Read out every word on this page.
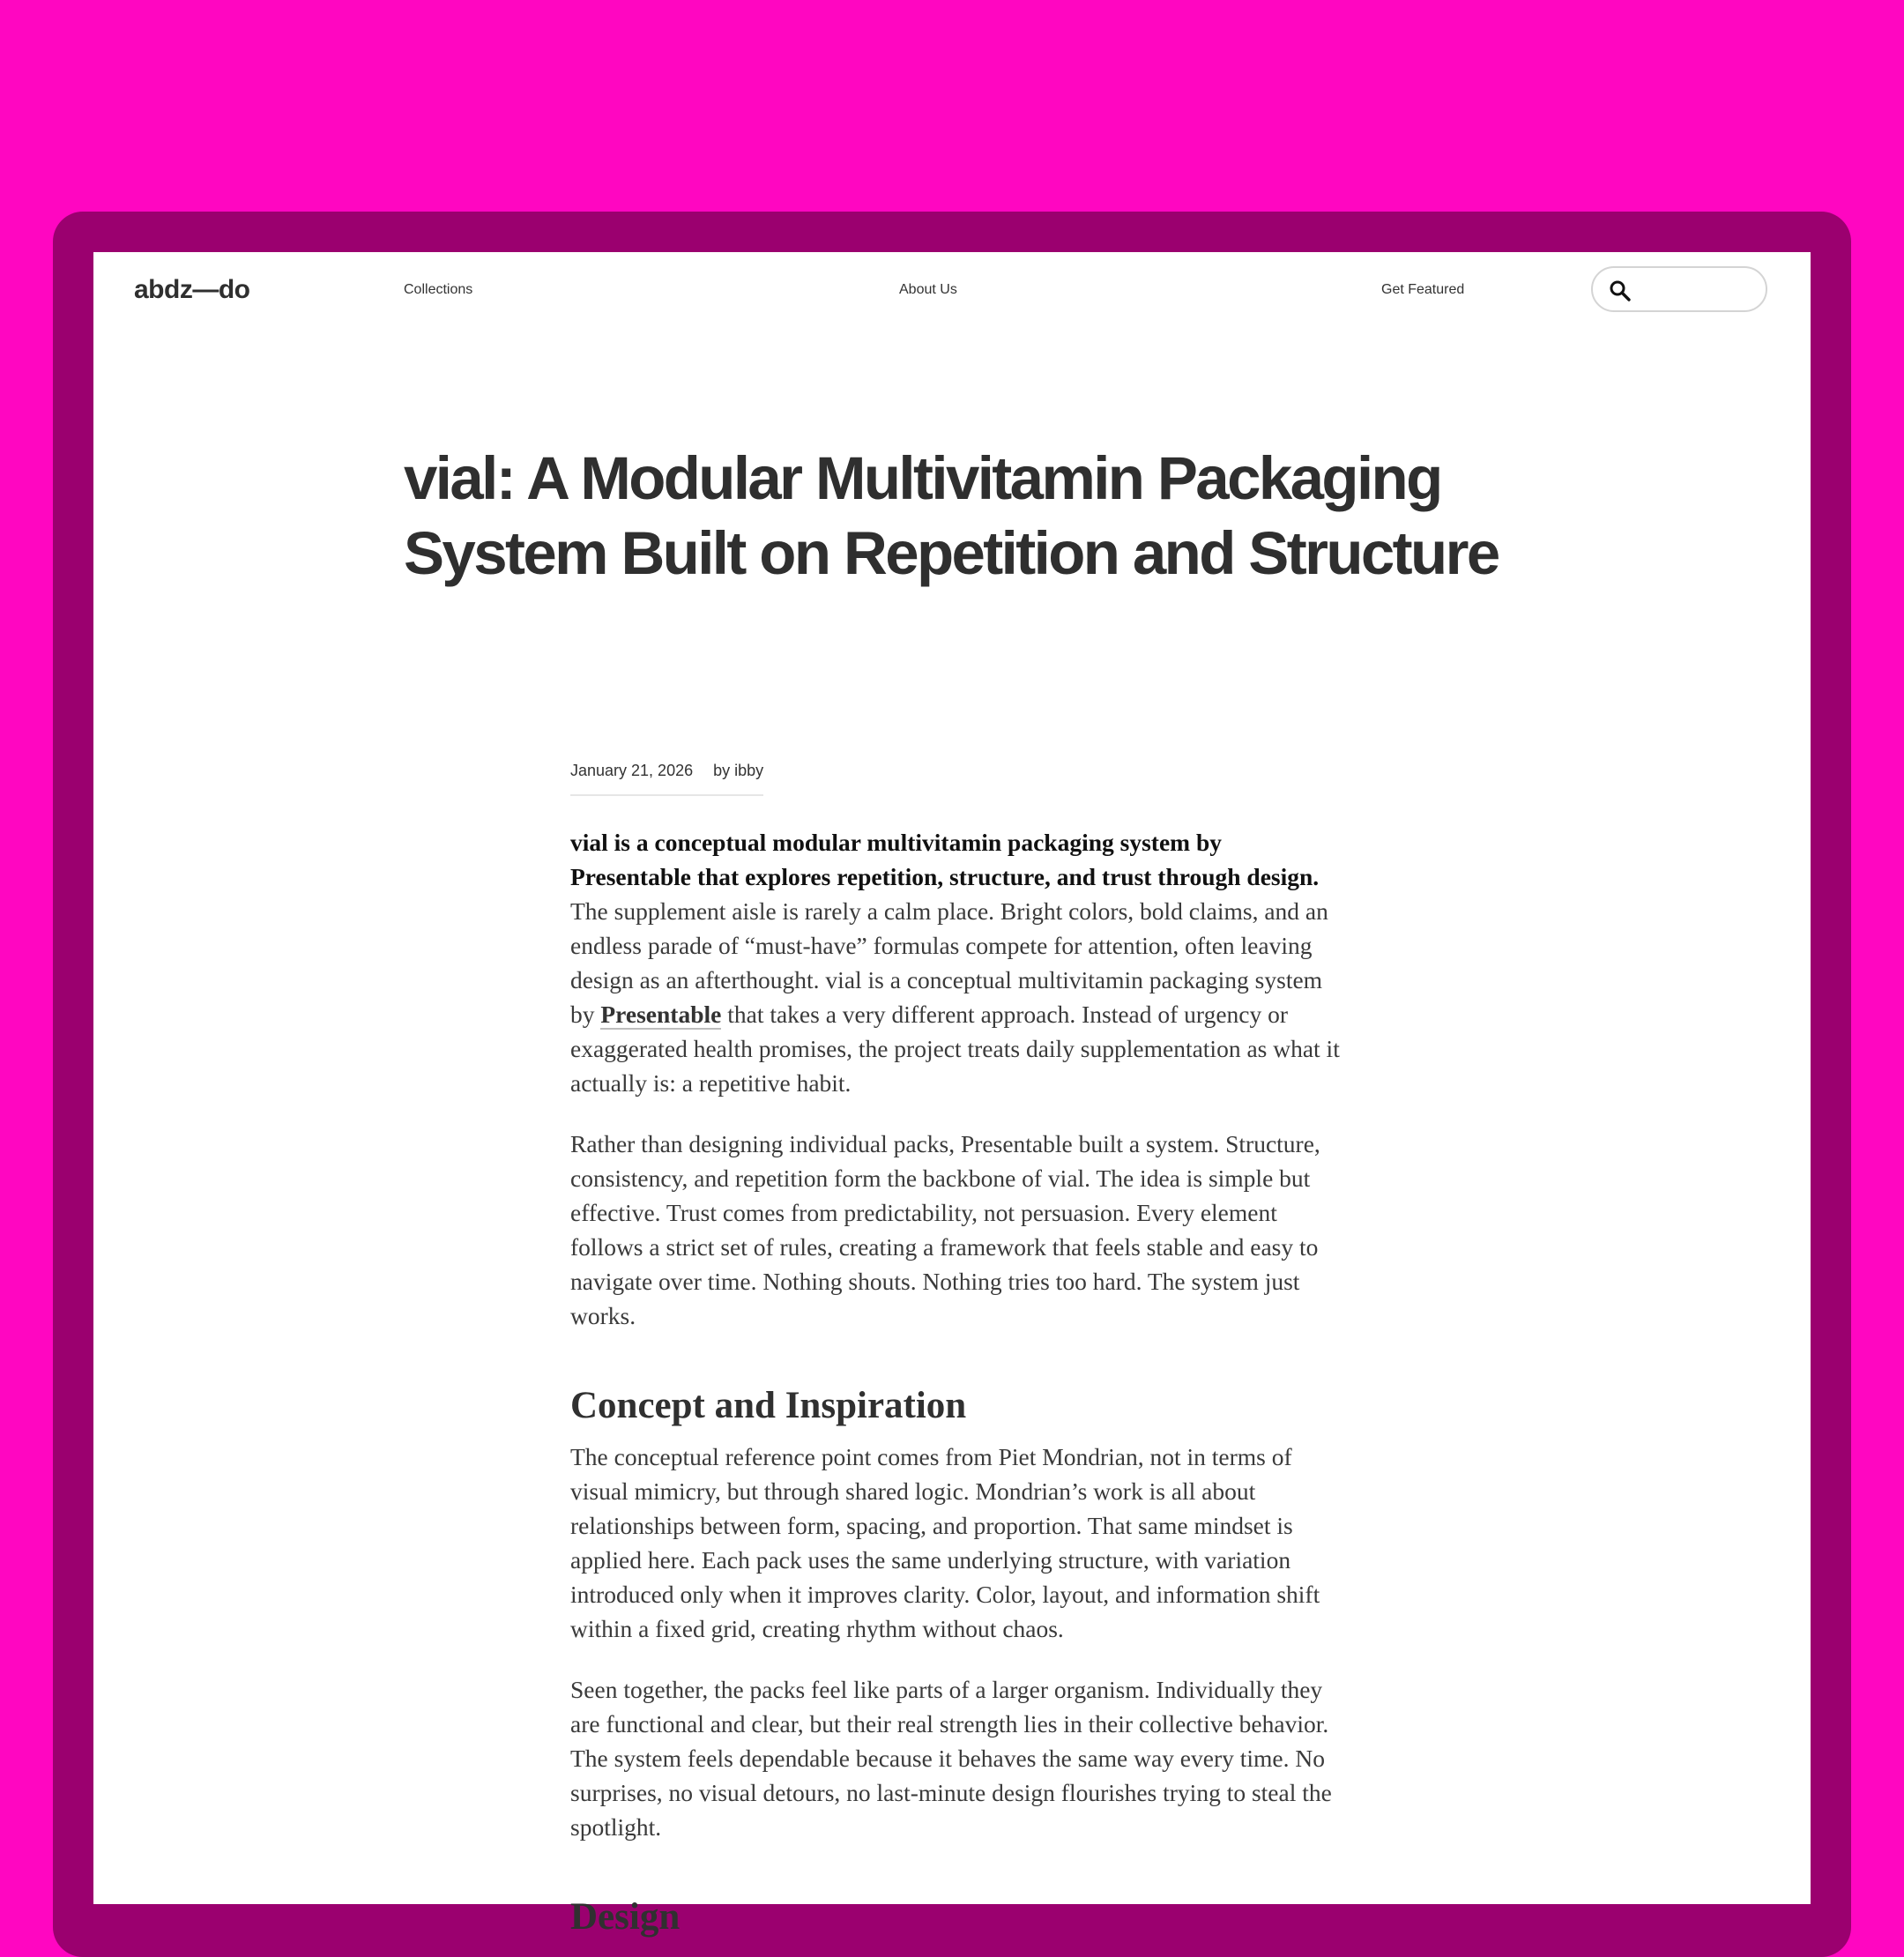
abdz—do	Collections	About Us	Get Featured
vial: A Modular Multivitamin Packaging System Built on Repetition and Structure
January 21, 2026 by ibby

vial is a conceptual modular multivitamin packaging system by Presentable that explores repetition, structure, and trust through design. The supplement aisle is rarely a calm place. Bright colors, bold claims, and an endless parade of “must-have” formulas compete for attention, often leaving design as an afterthought. vial is a conceptual multivitamin packaging system by Presentable that takes a very different approach. Instead of urgency or exaggerated health promises, the project treats daily supplementation as what it actually is: a repetitive habit.

Rather than designing individual packs, Presentable built a system. Structure, consistency, and repetition form the backbone of vial. The idea is simple but effective. Trust comes from predictability, not persuasion. Every element follows a strict set of rules, creating a framework that feels stable and easy to navigate over time. Nothing shouts. Nothing tries too hard. The system just works.

Concept and Inspiration

The conceptual reference point comes from Piet Mondrian, not in terms of visual mimicry, but through shared logic. Mondrian’s work is all about relationships between form, spacing, and proportion. That same mindset is applied here. Each pack uses the same underlying structure, with variation introduced only when it improves clarity. Color, layout, and information shift within a fixed grid, creating rhythm without chaos.

Seen together, the packs feel like parts of a larger organism. Individually they are functional and clear, but their real strength lies in their collective behavior. The system feels dependable because it behaves the same way every time. No surprises, no visual detours, no last-minute design flourishes trying to steal the spotlight.

Design
